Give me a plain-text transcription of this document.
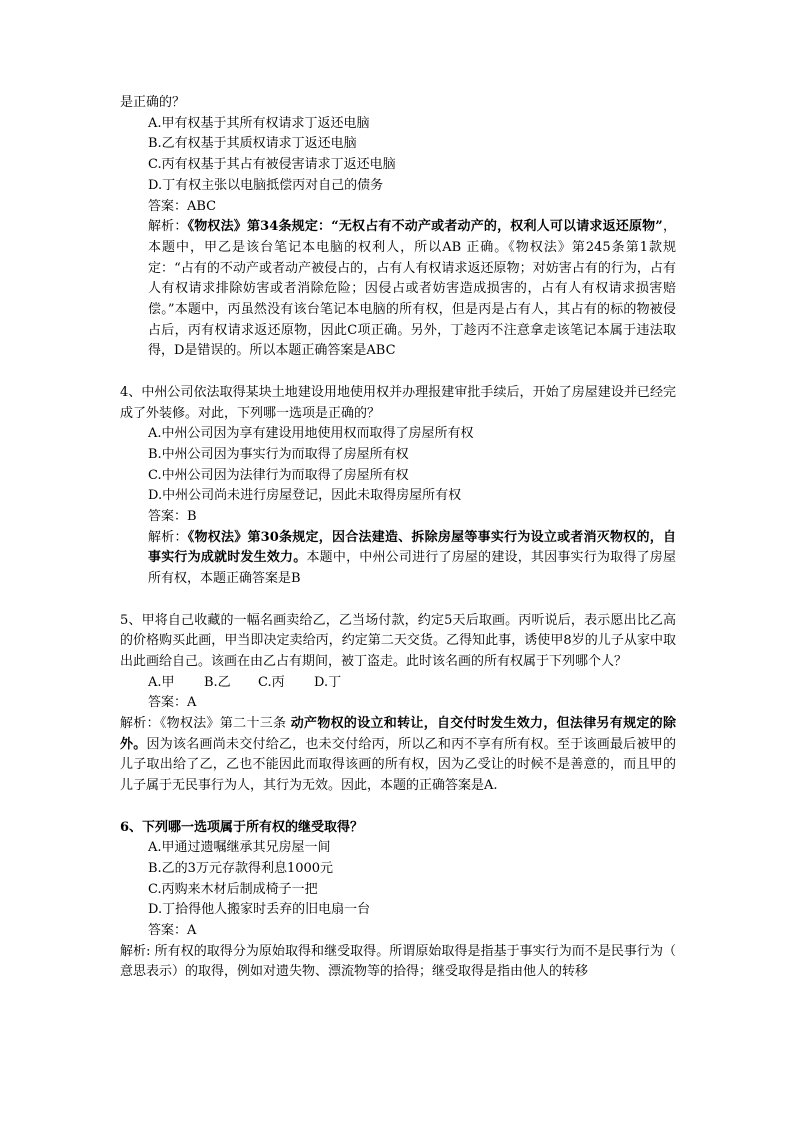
是正确的？

A.甲有权基于其所有权请求丁返还电脑

B.乙有权基于其质权请求丁返还电脑

C.丙有权基于其占有被侵害请求丁返还电脑

D.丁有权主张以电脑抵偿丙对自己的债务

答案：ABC

解析：《物权法》第34条规定：“无权占有不动产或者动产的，权利人可以请求返还原物”，本题中，甲乙是该台笔记本电脑的权利人，所以AB 正确。《物权法》第245条第1款规定：“占有的不动产或者动产被侵占的，占有人有权请求返还原物；对妨害占有的行为，占有人有权请求排除妨害或者消除危险；因侵占或者妨害造成损害的，占有人有权请求损害赔偿。”本题中，丙虽然没有该台笔记本电脑的所有权，但是丙是占有人，其占有的标的物被侵占后，丙有权请求返还原物，因此C项正确。另外，丁趁丙不注意拿走该笔记本属于违法取得，D是错误的。所以本题正确答案是ABC

4、中州公司依法取得某块土地建设用地使用权并办理报建审批手续后，开始了房屋建设并已经完成了外装修。对此，下列哪一选项是正确的？

A.中州公司因为享有建设用地使用权而取得了房屋所有权

B.中州公司因为事实行为而取得了房屋所有权

C.中州公司因为法律行为而取得了房屋所有权

D.中州公司尚未进行房屋登记，因此未取得房屋所有权

答案：B

解析：《物权法》第30条规定，因合法建造、拆除房屋等事实行为设立或者消灭物权的，自事实行为成就时发生效力。本题中，中州公司进行了房屋的建设，其因事实行为取得了房屋所有权，本题正确答案是B

5、甲将自己收藏的一幅名画卖给乙，乙当场付款，约定5天后取画。丙听说后，表示愿出比乙高的价格购买此画，甲当即决定卖给丙，约定第二天交货。乙得知此事，诱使甲8岁的儿子从家中取出此画给自己。该画在由乙占有期间，被丁盗走。此时该名画的所有权属于下列哪个人？

A.甲 B.乙 C.丙 D.丁

答案：A

解析：《物权法》第二十三条 动产物权的设立和转让，自交付时发生效力，但法律另有规定的除外。因为该名画尚未交付给乙，也未交付给丙，所以乙和丙不享有所有权。至于该画最后被甲的儿子取出给了乙，乙也不能因此而取得该画的所有权，因为乙受让的时候不是善意的，而且甲的儿子属于无民事行为人，其行为无效。因此，本题的正确答案是A.

6、下列哪一选项属于所有权的继受取得？

A.甲通过遗嘱继承其兄房屋一间

B.乙的3万元存款得利息1000元

C.丙购来木材后制成椅子一把

D.丁拾得他人搬家时丢弃的旧电扇一台

答案：A

解析: 所有权的取得分为原始取得和继受取得。所谓原始取得是指基于事实行为而不是民事行为（ 意思表示）的取得，例如对遗失物、漂流物等的拾得；继受取得是指由他人的转移
